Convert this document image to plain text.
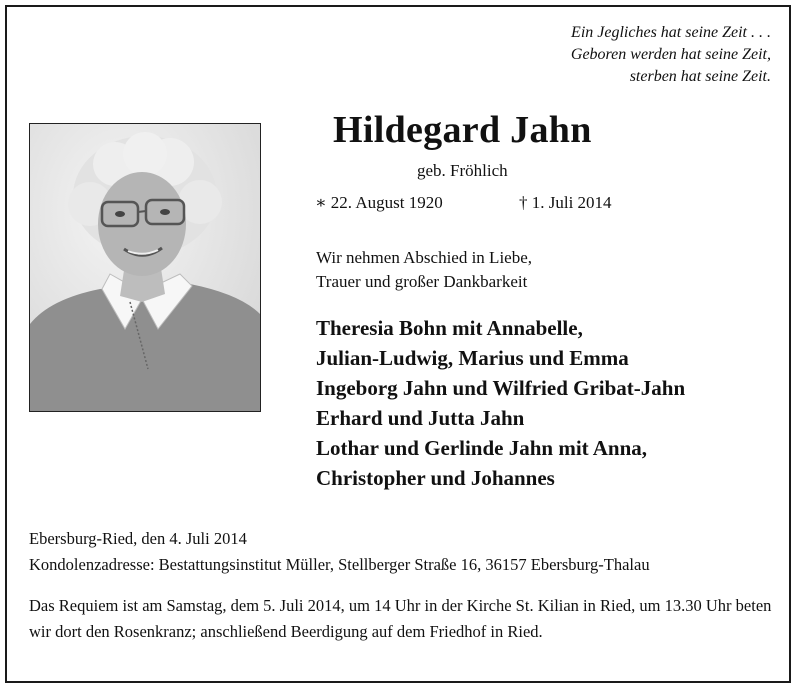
Ein Jegliches hat seine Zeit . . .
Geboren werden hat seine Zeit,
sterben hat seine Zeit.
Hildegard Jahn
geb. Fröhlich
∗ 22. August 1920	† 1. Juli 2014
Wir nehmen Abschied in Liebe,
Trauer und großer Dankbarkeit
Theresia Bohn mit Annabelle,
Julian-Ludwig, Marius und Emma
Ingeborg Jahn und Wilfried Gribat-Jahn
Erhard und Jutta Jahn
Lothar und Gerlinde Jahn mit Anna,
Christopher und Johannes
Ebersburg-Ried, den 4. Juli 2014
Kondolenzadresse: Bestattungsinstitut Müller, Stellberger Straße 16, 36157 Ebersburg-Thalau
Das Requiem ist am Samstag, dem 5. Juli 2014, um 14 Uhr in der Kirche St. Kilian in Ried, um 13.30 Uhr beten wir dort den Rosenkranz; anschließend Beerdigung auf dem Friedhof in Ried.
